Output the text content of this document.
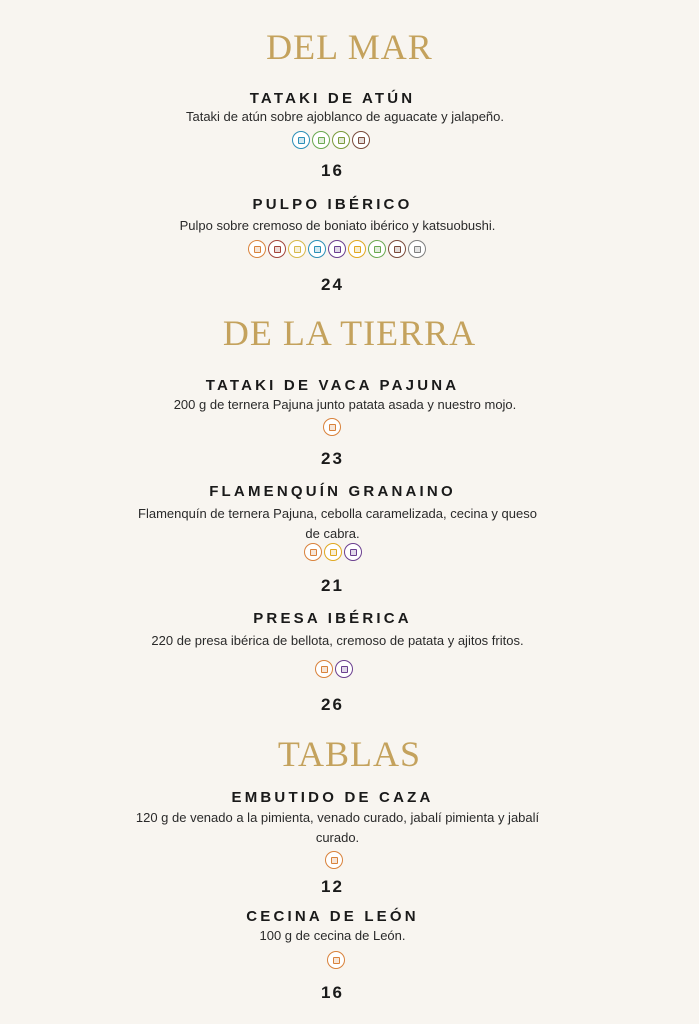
DEL MAR
TATAKI DE ATÚN
Tataki de atún sobre ajoblanco de aguacate y jalapeño.
16
PULPO IBÉRICO
Pulpo sobre cremoso de boniato ibérico y katsuobushi.
24
DE LA TIERRA
TATAKI DE VACA PAJUNA
200 g de ternera Pajuna junto patata asada y nuestro mojo.
23
FLAMENQUÍN GRANAINO
Flamenquín de ternera Pajuna, cebolla caramelizada, cecina y queso
de cabra.
21
PRESA IBÉRICA
220 de presa ibérica de bellota, cremoso de patata y ajitos fritos.
26
TABLAS
EMBUTIDO DE CAZA
120 g de venado a la pimienta, venado curado, jabalí pimienta y jabalí
curado.
12
CECINA DE LEÓN
100 g de cecina de León.
16
